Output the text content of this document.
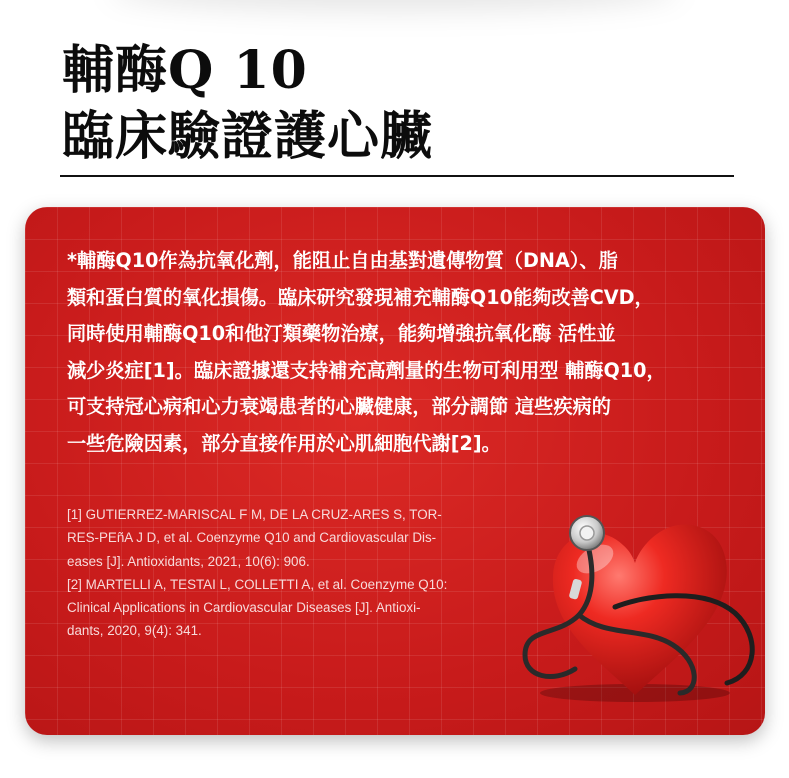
輔酶Q 10
臨床驗證護心臟

*輔酶Q10作為抗氧化劑，能阻止自由基對遺傳物質（DNA）、脂
類和蛋白質的氧化損傷。臨床研究發現補充輔酶Q10能夠改善CVD，
同時使用輔酶Q10和他汀類藥物治療，能夠增強抗氧化酶 活性並
減少炎症[1]。臨床證據還支持補充高劑量的生物可利用型 輔酶Q10，
可支持冠心病和心力衰竭患者的心臟健康，部分調節 這些疾病的
一些危險因素，部分直接作用於心肌細胞代謝[2]。

[1] GUTIERREZ-MARISCAL F M, DE LA CRUZ-ARES S, TOR-
RES-PEñA J D, et al. Coenzyme Q10 and Cardiovascular Dis-
eases [J]. Antioxidants, 2021, 10(6): 906.
[2] MARTELLI A, TESTAI L, COLLETTI A, et al. Coenzyme Q10:
Clinical Applications in Cardiovascular Diseases [J]. Antioxi-
dants, 2020, 9(4): 341.
